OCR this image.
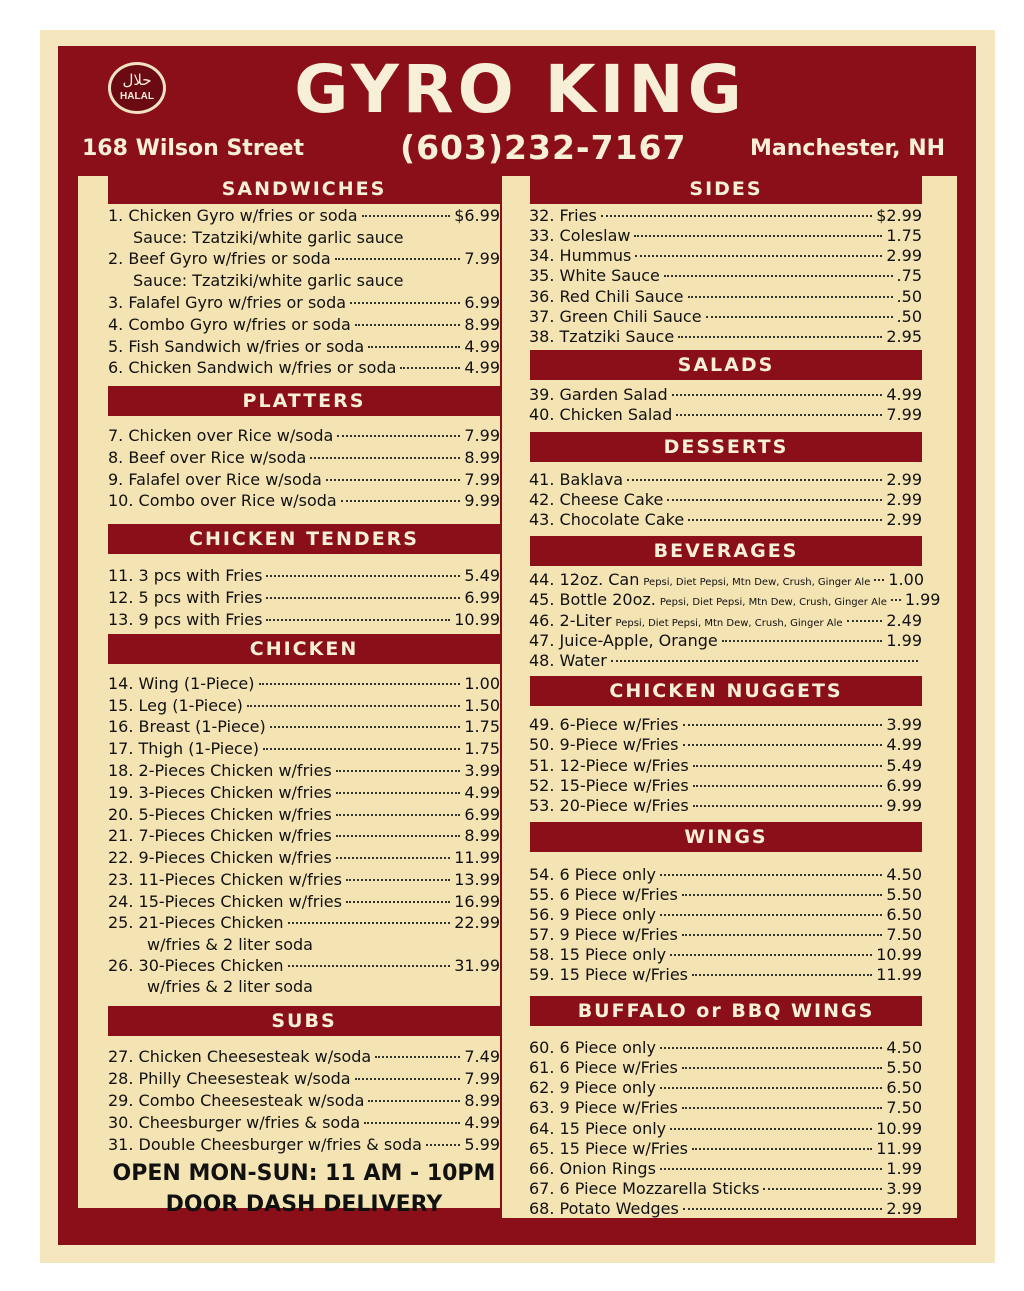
حلال
HALAL	GYRO KING
168 Wilson Street	(603)232-7167	Manchester, NH
SANDWICHES
PLATTERS
CHICKEN TENDERS
CHICKEN
SUBS
SIDES
SALADS
DESSERTS
BEVERAGES
CHICKEN NUGGETS
WINGS
BUFFALO or BBQ WINGS
1. Chicken Gyro w/fries or soda	$6.99
Sauce: Tzatziki/white garlic sauce
2. Beef Gyro w/fries or soda	7.99
Sauce: Tzatziki/white garlic sauce
3. Falafel Gyro w/fries or soda	6.99
4. Combo Gyro w/fries or soda	8.99
5. Fish Sandwich w/fries or soda	4.99
6. Chicken Sandwich w/fries or soda	4.99
7. Chicken over Rice w/soda	7.99
8. Beef over Rice w/soda	8.99
9. Falafel over Rice w/soda	7.99
10. Combo over Rice w/soda	9.99
11. 3 pcs with Fries	5.49
12. 5 pcs with Fries	6.99
13. 9 pcs with Fries	10.99
14. Wing (1-Piece)	1.00
15. Leg (1-Piece)	1.50
16. Breast (1-Piece)	1.75
17. Thigh (1-Piece)	1.75
18. 2-Pieces Chicken w/fries	3.99
19. 3-Pieces Chicken w/fries	4.99
20. 5-Pieces Chicken w/fries	6.99
21. 7-Pieces Chicken w/fries	8.99
22. 9-Pieces Chicken w/fries	11.99
23. 11-Pieces Chicken w/fries	13.99
24. 15-Pieces Chicken w/fries	16.99
25. 21-Pieces Chicken	22.99
w/fries & 2 liter soda
26. 30-Pieces Chicken	31.99
w/fries & 2 liter soda
27. Chicken Cheesesteak w/soda	7.49
28. Philly Cheesesteak w/soda	7.99
29. Combo Cheesesteak w/soda	8.99
30. Cheesburger w/fries & soda	4.99
31. Double Cheesburger w/fries & soda	5.99
OPEN MON-SUN: 11 AM - 10PM
DOOR DASH DELIVERY
32. Fries	$2.99
33. Coleslaw	1.75
34. Hummus	2.99
35. White Sauce	.75
36. Red Chili Sauce	.50
37. Green Chili Sauce	.50
38. Tzatziki Sauce	2.95
39. Garden Salad	4.99
40. Chicken Salad	7.99
41. Baklava	2.99
42. Cheese Cake	2.99
43. Chocolate Cake	2.99
44. 12oz. Can Pepsi, Diet Pepsi, Mtn Dew, Crush, Ginger Ale 1.00
45. Bottle 20oz. Pepsi, Diet Pepsi, Mtn Dew, Crush, Ginger Ale 1.99
46. 2-Liter Pepsi, Diet Pepsi, Mtn Dew, Crush, Ginger Ale	2.49
47. Juice-Apple, Orange	1.99
48. Water
49. 6-Piece w/Fries	3.99
50. 9-Piece w/Fries	4.99
51. 12-Piece w/Fries	5.49
52. 15-Piece w/Fries	6.99
53. 20-Piece w/Fries	9.99
54. 6 Piece only	4.50
55. 6 Piece w/Fries	5.50
56. 9 Piece only	6.50
57. 9 Piece w/Fries	7.50
58. 15 Piece only	10.99
59. 15 Piece w/Fries	11.99
60. 6 Piece only	4.50
61. 6 Piece w/Fries	5.50
62. 9 Piece only	6.50
63. 9 Piece w/Fries	7.50
64. 15 Piece only	10.99
65. 15 Piece w/Fries	11.99
66. Onion Rings	1.99
67. 6 Piece Mozzarella Sticks	3.99
68. Potato Wedges	2.99
